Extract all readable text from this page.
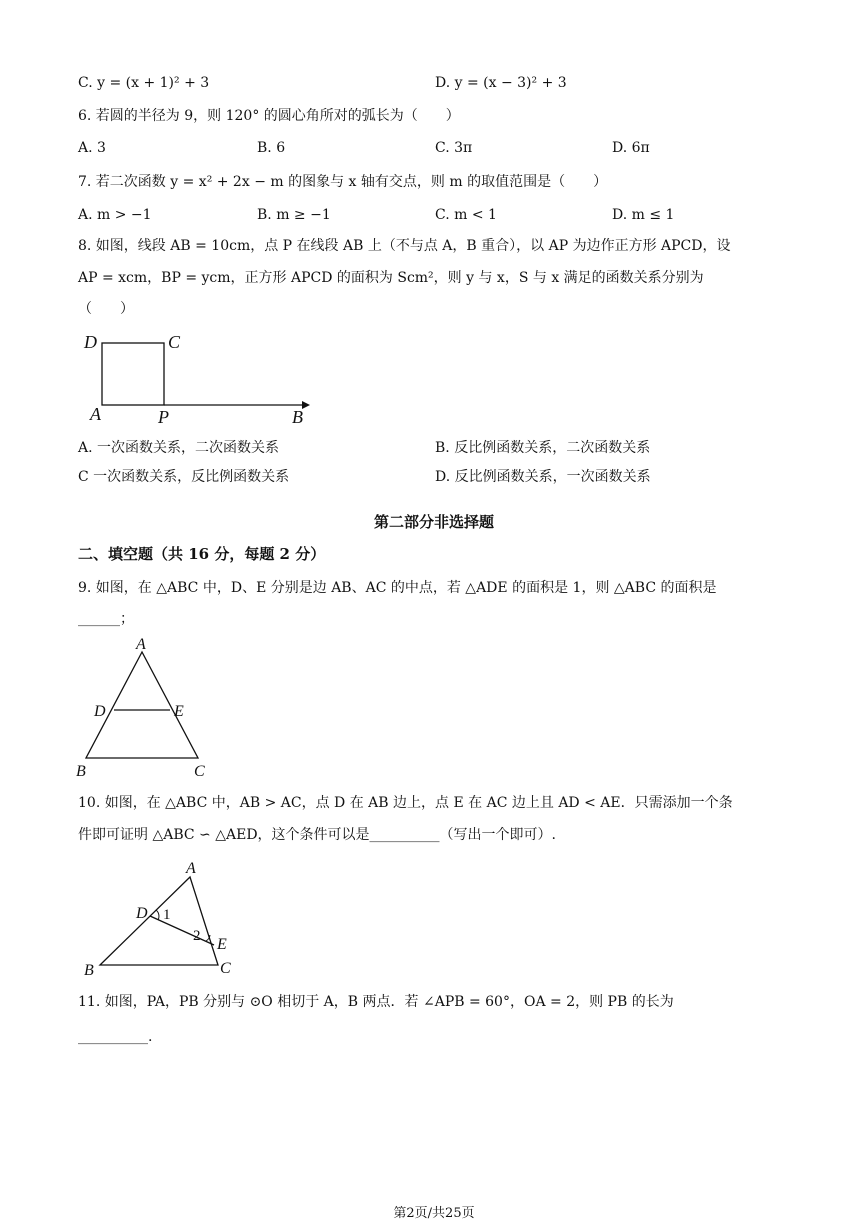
C. y = (x + 1)² + 3	D. y = (x − 3)² + 3
6. 若圆的半径为 9，则 120° 的圆心角所对的弧长为（　　）
A. 3	B. 6	C. 3π	D. 6π
7. 若二次函数 y = x² + 2x − m 的图象与 x 轴有交点，则 m 的取值范围是（　　）
A. m > −1	B. m ≥ −1	C. m < 1	D. m ≤ 1
8. 如图，线段 AB = 10cm，点 P 在线段 AB 上（不与点 A，B 重合），以 AP 为边作正方形 APCD，设
AP = xcm，BP = ycm，正方形 APCD 的面积为 Scm²，则 y 与 x，S 与 x 满足的函数关系分别为
（　　）
D	C
A	P	B
A. 一次函数关系，二次函数关系	B. 反比例函数关系，二次函数关系
C 一次函数关系，反比例函数关系	D. 反比例函数关系，一次函数关系
第二部分非选择题
二、填空题（共 16 分，每题 2 分）
9. 如图，在 △ABC 中，D、E 分别是边 AB、AC 的中点，若 △ADE 的面积是 1，则 △ABC 的面积是
______；
A
D	E
B	C
10. 如图，在 △ABC 中，AB > AC，点 D 在 AB 边上，点 E 在 AC 边上且 AD < AE．只需添加一个条
件即可证明 △ABC ∽ △AED，这个条件可以是__________（写出一个即可）.
A
D 1
2 E
B	C
11. 如图，PA，PB 分别与 ⊙O 相切于 A，B 两点．若 ∠APB = 60°，OA = 2，则 PB 的长为
__________.
第2页/共25页
